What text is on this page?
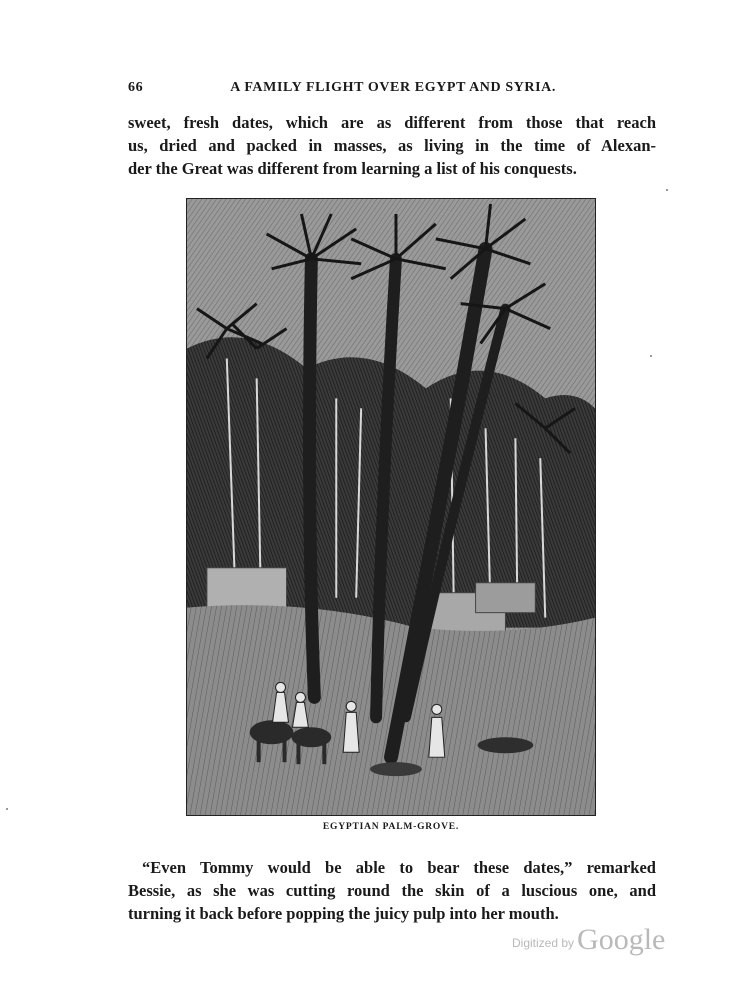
66	A FAMILY FLIGHT OVER EGYPT AND SYRIA.
sweet, fresh dates, which are as different from those that reach
us, dried and packed in masses, as living in the time of Alexan-
der the Great was different from learning a list of his conquests.
EGYPTIAN PALM-GROVE.
“Even Tommy would be able to bear these dates,” remarked
Bessie, as she was cutting round the skin of a luscious one, and
turning it back before popping the juicy pulp into her mouth.
Digitized by Google
